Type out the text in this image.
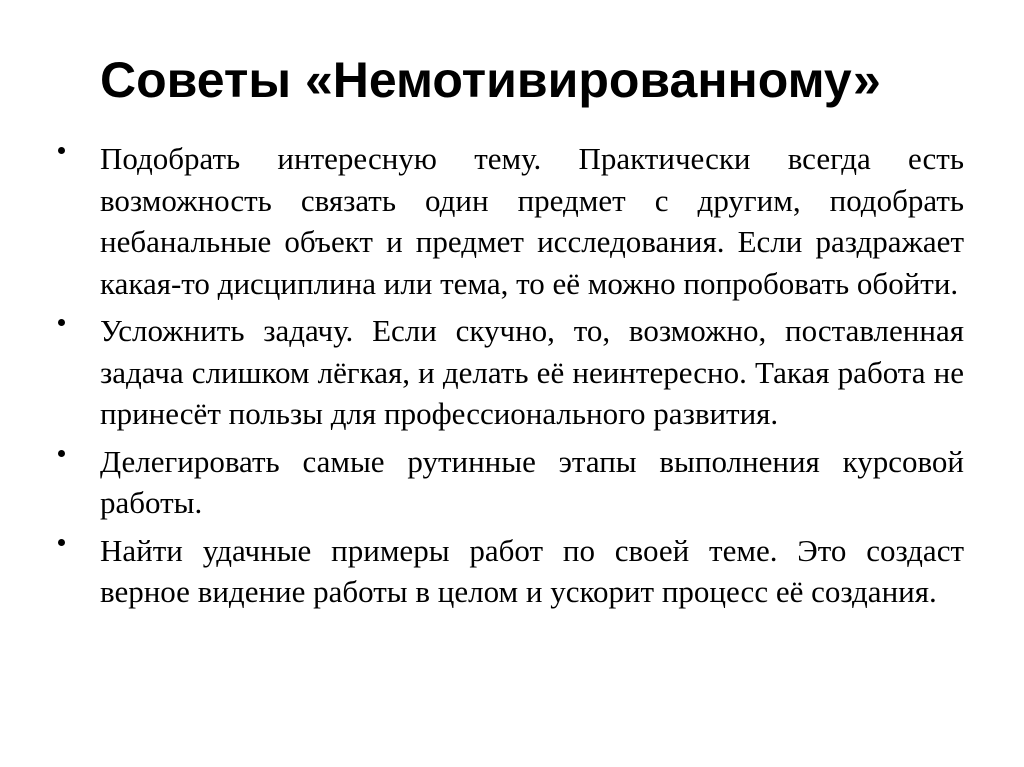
Советы «Немотивированному»
Подобрать интересную тему. Практически всегда есть возможность связать один предмет с другим, подобрать небанальные объект и предмет исследования. Если раздражает какая-то дисциплина или тема, то её можно попробовать обойти.
Усложнить задачу. Если скучно, то, возможно, поставленная задача слишком лёгкая, и делать её неинтересно. Такая работа не принесёт пользы для профессионального развития.
Делегировать самые рутинные этапы выполнения курсовой работы.
Найти удачные примеры работ по своей теме. Это создаст верное видение работы в целом и ускорит процесс её создания.
